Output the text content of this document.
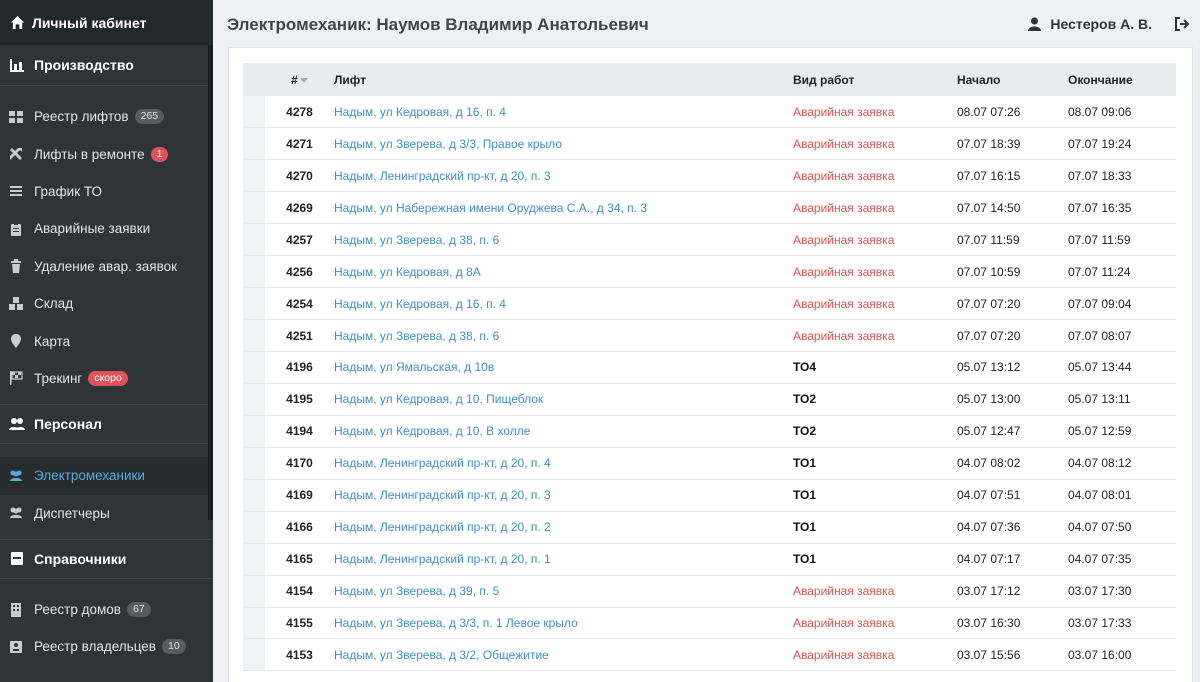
Личный кабинет
Производство
Реестр лифтов	265
Лифты в ремонте	1
График ТО
Аварийные заявки
Удаление авар. заявок
Склад
Карта
Трекинг	скоро
Персонал
Электромеханики
Диспетчеры
Справочники
Реестр домов	67
Реестр владельцев	10
Электромеханик: Наумов Владимир Анатольевич	Нестеров А. В.
	#	Лифт	Вид работ	Начало	Окончание
	4278	Надым, ул Кедровая, д 16, п. 4	Аварийная заявка	08.07 07:26	08.07 09:06
	4271	Надым, ул Зверева, д 3/3, Правое крыло	Аварийная заявка	07.07 18:39	07.07 19:24
	4270	Надым, Ленинградский пр-кт, д 20, п. 3	Аварийная заявка	07.07 16:15	07.07 18:33
	4269	Надым, ул Набережная имени Оруджева С.А., д 34, п. 3	Аварийная заявка	07.07 14:50	07.07 16:35
	4257	Надым, ул Зверева, д 38, п. 6	Аварийная заявка	07.07 11:59	07.07 11:59
	4256	Надым, ул Кедровая, д 8А	Аварийная заявка	07.07 10:59	07.07 11:24
	4254	Надым, ул Кедровая, д 16, п. 4	Аварийная заявка	07.07 07:20	07.07 09:04
	4251	Надым, ул Зверева, д 38, п. 6	Аварийная заявка	07.07 07:20	07.07 08:07
	4196	Надым, ул Ямальская, д 10в	ТО4	05.07 13:12	05.07 13:44
	4195	Надым, ул Кедровая, д 10, Пищеблок	ТО2	05.07 13:00	05.07 13:11
	4194	Надым, ул Кедровая, д 10, В холле	ТО2	05.07 12:47	05.07 12:59
	4170	Надым, Ленинградский пр-кт, д 20, п. 4	ТО1	04.07 08:02	04.07 08:12
	4169	Надым, Ленинградский пр-кт, д 20, п. 3	ТО1	04.07 07:51	04.07 08:01
	4166	Надым, Ленинградский пр-кт, д 20, п. 2	ТО1	04.07 07:36	04.07 07:50
	4165	Надым, Ленинградский пр-кт, д 20, п. 1	ТО1	04.07 07:17	04.07 07:35
	4154	Надым, ул Зверева, д 39, п. 5	Аварийная заявка	03.07 17:12	03.07 17:30
	4155	Надым, ул Зверева, д 3/3, п. 1 Левое крыло	Аварийная заявка	03.07 16:30	03.07 17:33
	4153	Надым, ул Зверева, д 3/2, Общежитие	Аварийная заявка	03.07 15:56	03.07 16:00
